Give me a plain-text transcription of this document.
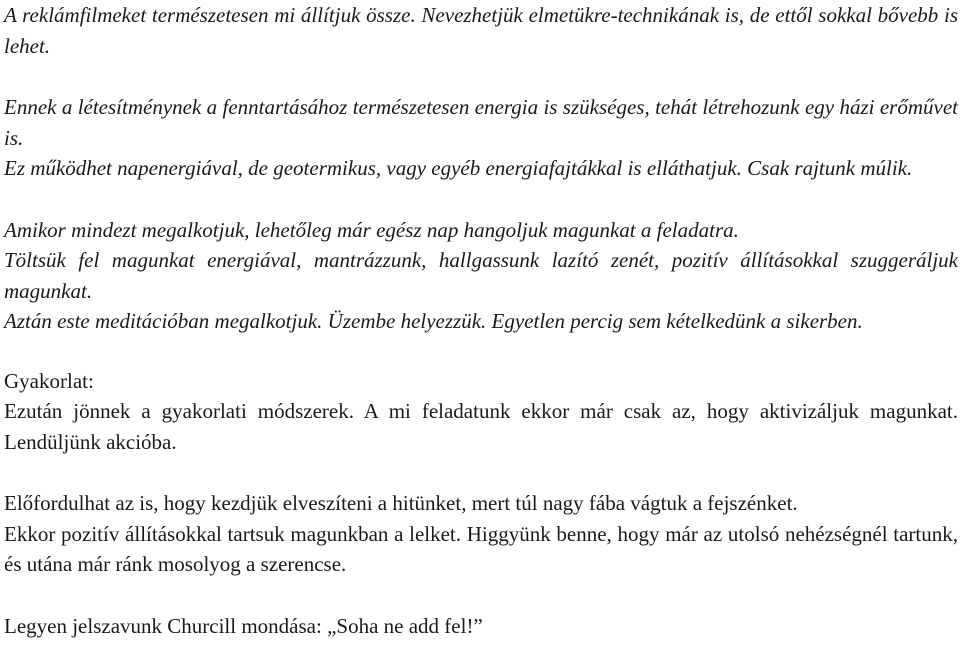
A reklámfilmeket természetesen mi állítjuk össze. Nevezhetjük elmetükre-technikának is, de ettől sokkal bővebb is lehet.

Ennek a létesítménynek a fenntartásához természetesen energia is szükséges, tehát létrehozunk egy házi erőművet is.

Ez működhet napenergiával, de geotermikus, vagy egyéb energiafajtákkal is elláthatjuk. Csak rajtunk múlik.

Amikor mindezt megalkotjuk, lehetőleg már egész nap hangoljuk magunkat a feladatra.

Töltsük fel magunkat energiával, mantrázzunk, hallgassunk lazító zenét, pozitív állításokkal szuggeráljuk magunkat.

Aztán este meditációban megalkotjuk. Üzembe helyezzük. Egyetlen percig sem kételkedünk a sikerben.

Gyakorlat:

Ezután jönnek a gyakorlati módszerek. A mi feladatunk ekkor már csak az, hogy aktivizáljuk magunkat. Lendüljünk akcióba.

Előfordulhat az is, hogy kezdjük elveszíteni a hitünket, mert túl nagy fába vágtuk a fejszénket.

Ekkor pozitív állításokkal tartsuk magunkban a lelket. Higgyünk benne, hogy már az utolsó nehézségnél tartunk, és utána már ránk mosolyog a szerencse.

Legyen jelszavunk Churcill mondása: „Soha ne add fel!”
